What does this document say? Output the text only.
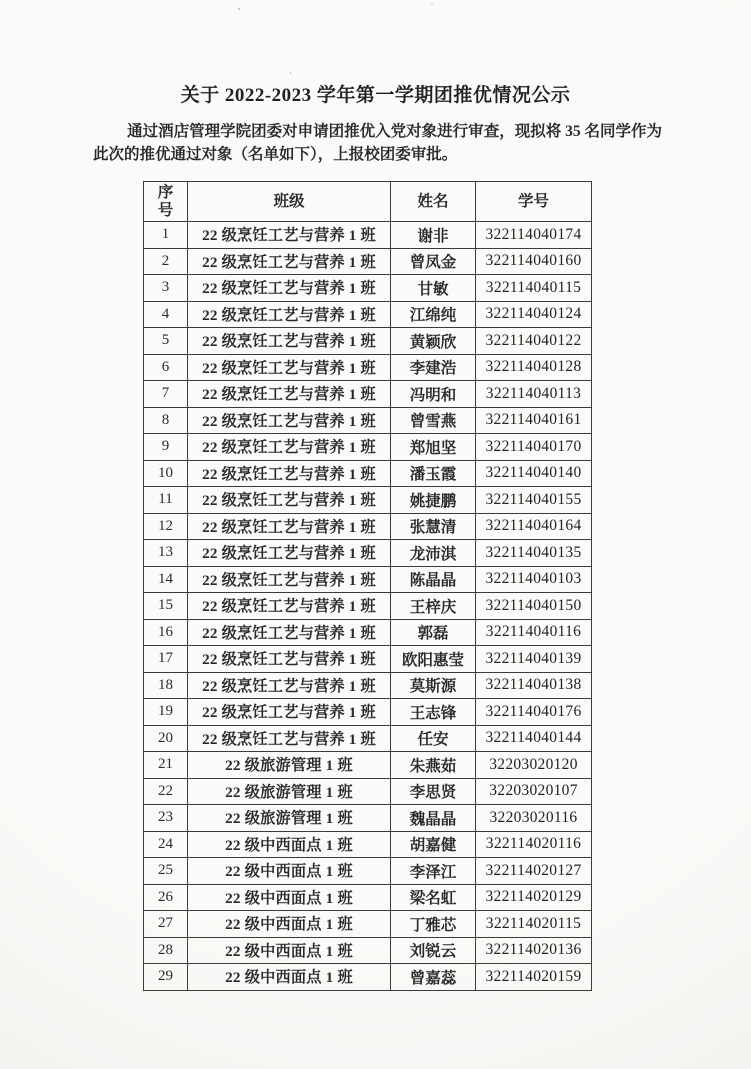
关于 2022-2023 学年第一学期团推优情况公示

通过酒店管理学院团委对申请团推优入党对象进行审查，现拟将 35 名同学作为此次的推优通过对象（名单如下），上报校团委审批。

序号	班级	姓名	学号
1	22 级烹饪工艺与营养 1 班	谢非	322114040174
2	22 级烹饪工艺与营养 1 班	曾凤金	322114040160
3	22 级烹饪工艺与营养 1 班	甘敏	322114040115
4	22 级烹饪工艺与营养 1 班	江绵纯	322114040124
5	22 级烹饪工艺与营养 1 班	黄颖欣	322114040122
6	22 级烹饪工艺与营养 1 班	李建浩	322114040128
7	22 级烹饪工艺与营养 1 班	冯明和	322114040113
8	22 级烹饪工艺与营养 1 班	曾雪燕	322114040161
9	22 级烹饪工艺与营养 1 班	郑旭坚	322114040170
10	22 级烹饪工艺与营养 1 班	潘玉霞	322114040140
11	22 级烹饪工艺与营养 1 班	姚捷鹏	322114040155
12	22 级烹饪工艺与营养 1 班	张慧清	322114040164
13	22 级烹饪工艺与营养 1 班	龙沛淇	322114040135
14	22 级烹饪工艺与营养 1 班	陈晶晶	322114040103
15	22 级烹饪工艺与营养 1 班	王梓庆	322114040150
16	22 级烹饪工艺与营养 1 班	郭磊	322114040116
17	22 级烹饪工艺与营养 1 班	欧阳惠莹	322114040139
18	22 级烹饪工艺与营养 1 班	莫斯源	322114040138
19	22 级烹饪工艺与营养 1 班	王志锋	322114040176
20	22 级烹饪工艺与营养 1 班	任安	322114040144
21	22 级旅游管理 1 班	朱燕茹	32203020120
22	22 级旅游管理 1 班	李思贤	32203020107
23	22 级旅游管理 1 班	魏晶晶	32203020116
24	22 级中西面点 1 班	胡嘉健	322114020116
25	22 级中西面点 1 班	李泽江	322114020127
26	22 级中西面点 1 班	梁名虹	322114020129
27	22 级中西面点 1 班	丁雅芯	322114020115
28	22 级中西面点 1 班	刘锐云	322114020136
29	22 级中西面点 1 班	曾嘉蕊	322114020159
